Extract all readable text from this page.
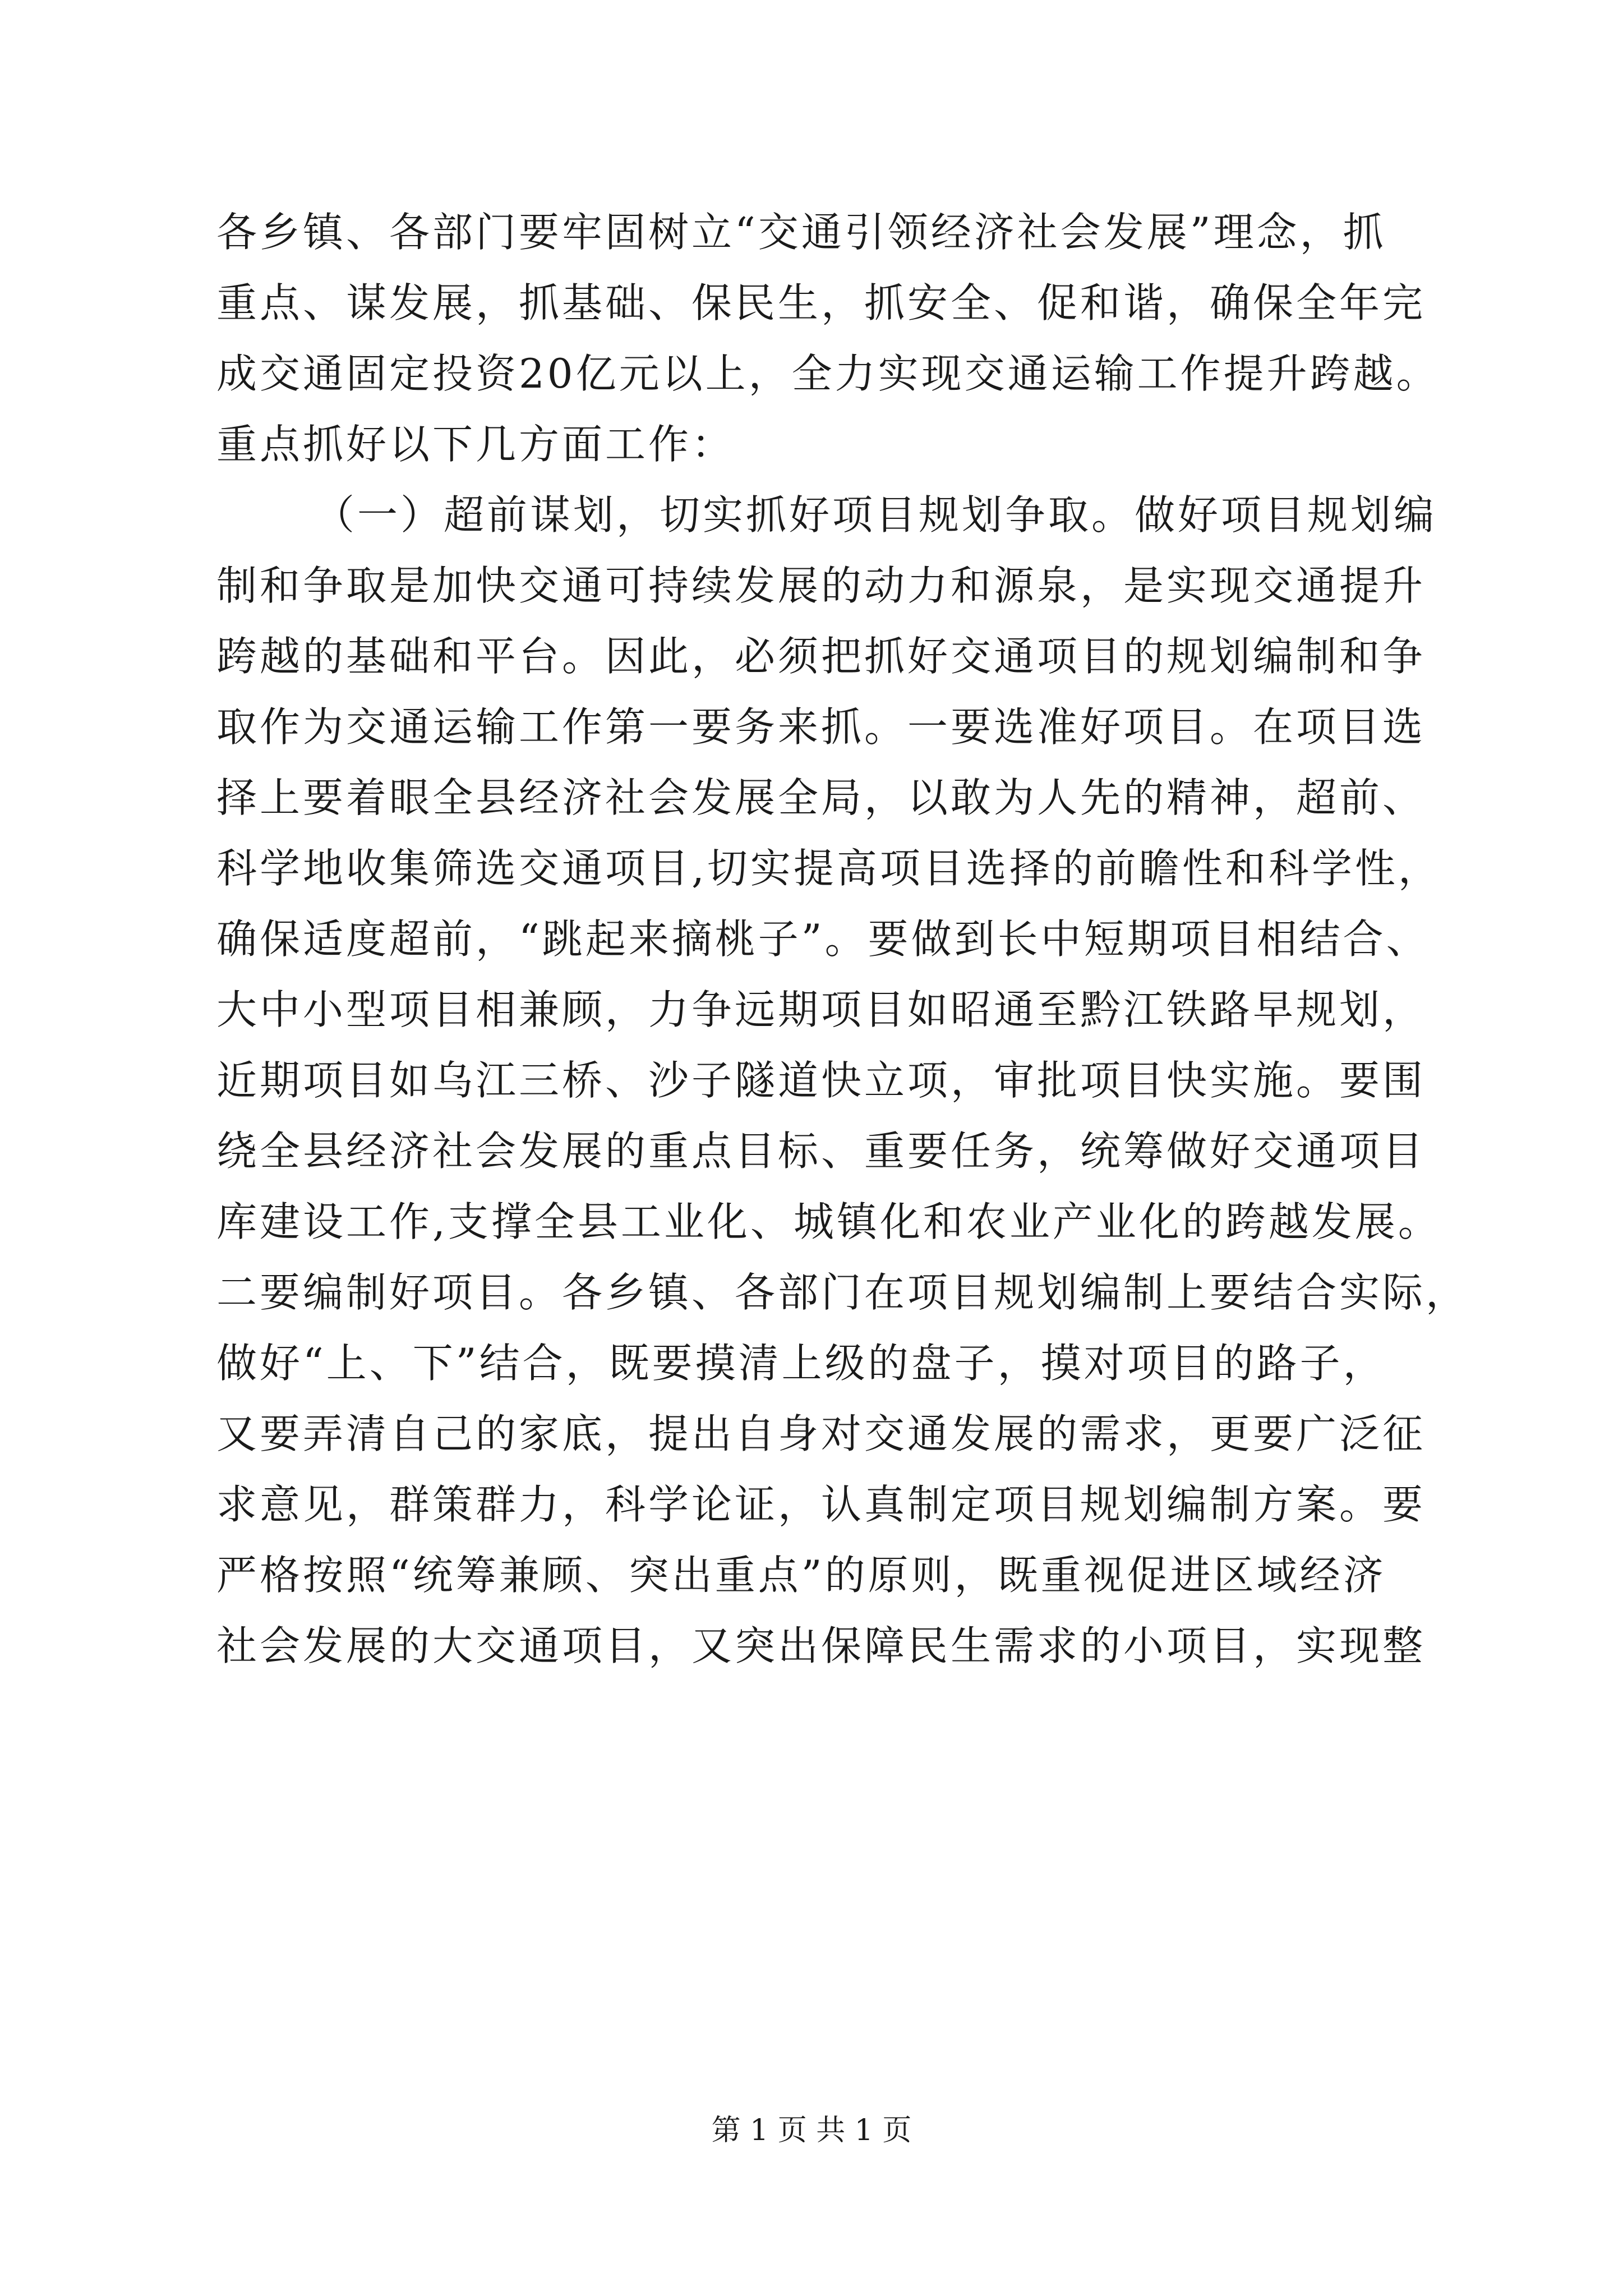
各乡镇、各部门要牢固树立“交通引领经济社会发展”理念，抓
重点、谋发展，抓基础、保民生，抓安全、促和谐，确保全年完
成交通固定投资20亿元以上，全力实现交通运输工作提升跨越。
重点抓好以下几方面工作：
（一）超前谋划，切实抓好项目规划争取。做好项目规划编
制和争取是加快交通可持续发展的动力和源泉，是实现交通提升
跨越的基础和平台。因此，必须把抓好交通项目的规划编制和争
取作为交通运输工作第一要务来抓。一要选准好项目。在项目选
择上要着眼全县经济社会发展全局，以敢为人先的精神，超前、
科学地收集筛选交通项目,切实提高项目选择的前瞻性和科学性，
确保适度超前，“跳起来摘桃子”。要做到长中短期项目相结合、
大中小型项目相兼顾，力争远期项目如昭通至黔江铁路早规划，
近期项目如乌江三桥、沙子隧道快立项，审批项目快实施。要围
绕全县经济社会发展的重点目标、重要任务，统筹做好交通项目
库建设工作,支撑全县工业化、城镇化和农业产业化的跨越发展。
二要编制好项目。各乡镇、各部门在项目规划编制上要结合实际，
做好“上、下”结合，既要摸清上级的盘子，摸对项目的路子，
又要弄清自己的家底，提出自身对交通发展的需求，更要广泛征
求意见，群策群力，科学论证，认真制定项目规划编制方案。要
严格按照“统筹兼顾、突出重点”的原则，既重视促进区域经济
社会发展的大交通项目，又突出保障民生需求的小项目，实现整
第 1 页 共 1 页
